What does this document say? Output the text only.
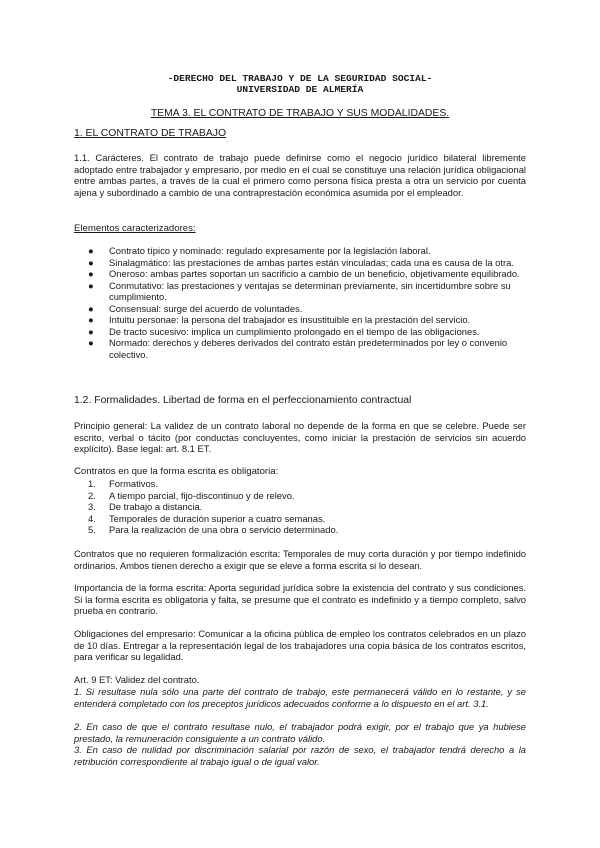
-DERECHO DEL TRABAJO Y DE LA SEGURIDAD SOCIAL-
UNIVERSIDAD DE ALMERÍA
TEMA 3. EL CONTRATO DE TRABAJO Y SUS MODALIDADES.
1. EL CONTRATO DE TRABAJO
1.1. Carácteres. El contrato de trabajo puede definirse como el negocio jurídico bilateral libremente adoptado entre trabajador y empresario, por medio en el cual se constituye una relación jurídica obligacional entre ambas partes, a través de la cual el primero como persona física presta a otra un servicio por cuenta ajena y subordinado a cambio de una contraprestación económica asumida por el empleador.
Elementos caracterizadores:
● Contrato típico y nominado: regulado expresamente por la legislación laboral.
● Sinalagmático: las prestaciones de ambas partes están vinculadas; cada una es causa de la otra.
● Oneroso: ambas partes soportan un sacrificio a cambio de un beneficio, objetivamente equilibrado.
● Conmutativo: las prestaciones y ventajas se determinan previamente, sin incertidumbre sobre su cumplimiento.
● Consensual: surge del acuerdo de voluntades.
● Intuitu personae: la persona del trabajador es insustituible en la prestación del servicio.
● De tracto sucesivo: implica un cumplimiento prolongado en el tiempo de las obligaciones.
● Normado: derechos y deberes derivados del contrato están predeterminados por ley o convenio colectivo.
1.2. Formalidades. Libertad de forma en el perfeccionamiento contractual
Principio general: La validez de un contrato laboral no depende de la forma en que se celebre. Puede ser escrito, verbal o tácito (por conductas concluyentes, como iniciar la prestación de servicios sin acuerdo explícito). Base legal: art. 8.1 ET.
Contratos en que la forma escrita es obligatoria:
1. Formativos.
2. A tiempo parcial, fijo-discontinuo y de relevo.
3. De trabajo a distancia.
4. Temporales de duración superior a cuatro semanas.
5. Para la realización de una obra o servicio determinado.
Contratos que no requieren formalización escrita: Temporales de muy corta duración y por tiempo indefinido ordinarios. Ambos tienen derecho a exigir que se eleve a forma escrita si lo desean.
Importancia de la forma escrita: Aporta seguridad jurídica sobre la existencia del contrato y sus condiciones. Si la forma escrita es obligatoria y falta, se presume que el contrato es indefinido y a tiempo completo, salvo prueba en contrario.
Obligaciones del empresario: Comunicar a la oficina pública de empleo los contratos celebrados en un plazo de 10 días. Entregar a la representación legal de los trabajadores una copia básica de los contratos escritos, para verificar su legalidad.
Art. 9 ET: Validez del contrato.
1. Si resultase nula sólo una parte del contrato de trabajo, este permanecerá válido en lo restante, y se entenderá completado con los preceptos jurídicos adecuados conforme a lo dispuesto en el art. 3.1.
2. En caso de que el contrato resultase nulo, el trabajador podrá exigir, por el trabajo que ya hubiese prestado, la remuneración consiguiente a un contrato válido.
3. En caso de nulidad por discriminación salarial por razón de sexo, el trabajador tendrá derecho a la retribución correspondiente al trabajo igual o de igual valor.
